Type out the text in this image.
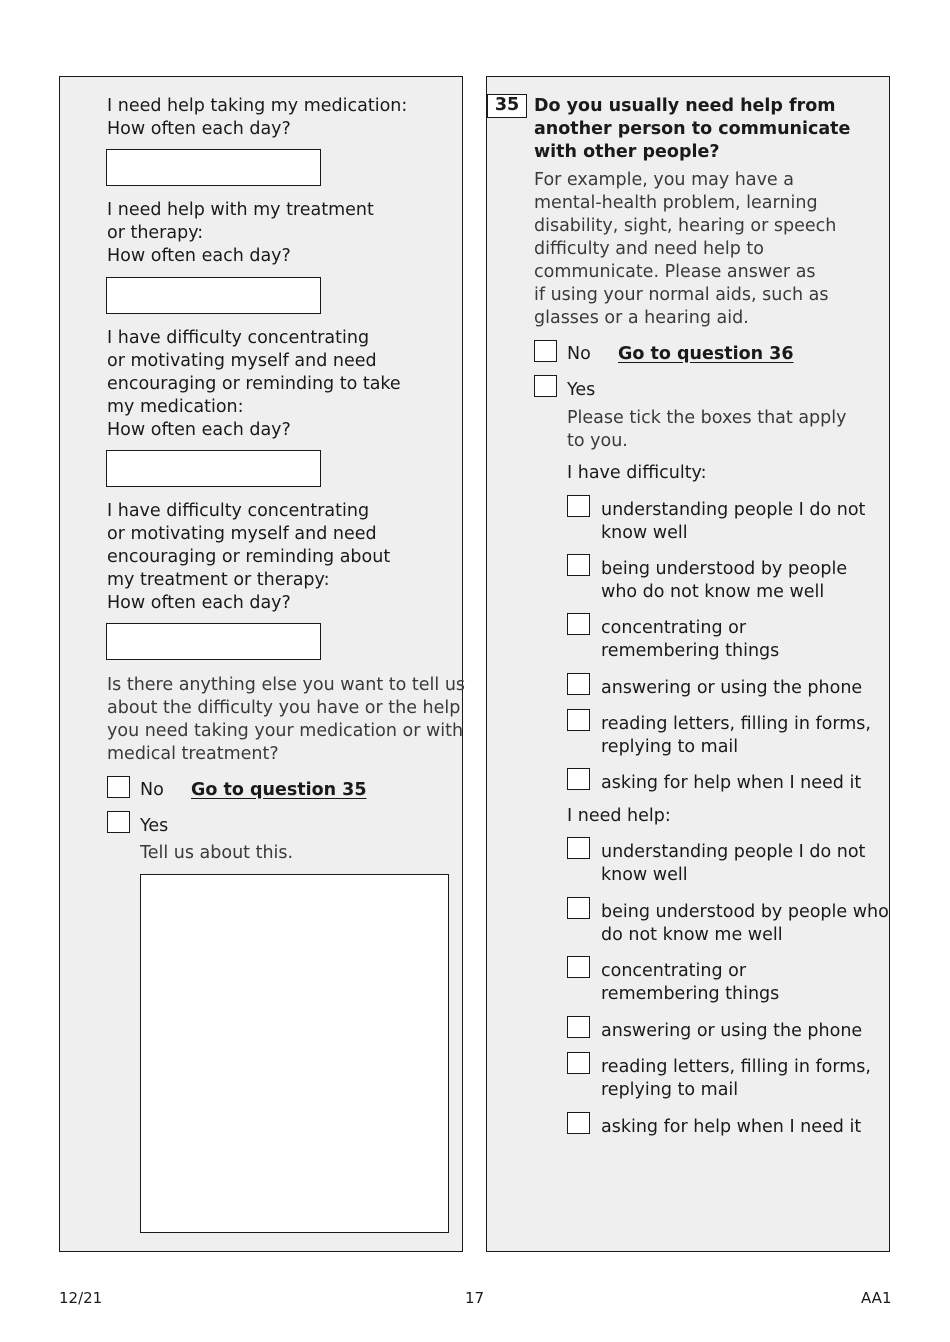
I need help taking my medication:
How often each day?
I need help with my treatment
or therapy:
How often each day?
I have difficulty concentrating
or motivating myself and need
encouraging or reminding to take
my medication:
How often each day?
I have difficulty concentrating
or motivating myself and need
encouraging or reminding about
my treatment or therapy:
How often each day?
Is there anything else you want to tell us
about the difficulty you have or the help
you need taking your medication or with
medical treatment?
No Go to question 35
Yes
Tell us about this.
35 Do you usually need help from
another person to communicate
with other people?
For example, you may have a
mental-health problem, learning
disability, sight, hearing or speech
difficulty and need help to
communicate. Please answer as
if using your normal aids, such as
glasses or a hearing aid.
No Go to question 36
Yes
Please tick the boxes that apply
to you.
I have difficulty:
understanding people I do not
know well
being understood by people
who do not know me well
concentrating or
remembering things
answering or using the phone
reading letters, filling in forms,
replying to mail
asking for help when I need it
I need help:
understanding people I do not
know well
being understood by people who
do not know me well
concentrating or
remembering things
answering or using the phone
reading letters, filling in forms,
replying to mail
asking for help when I need it
12/21	17	AA1
